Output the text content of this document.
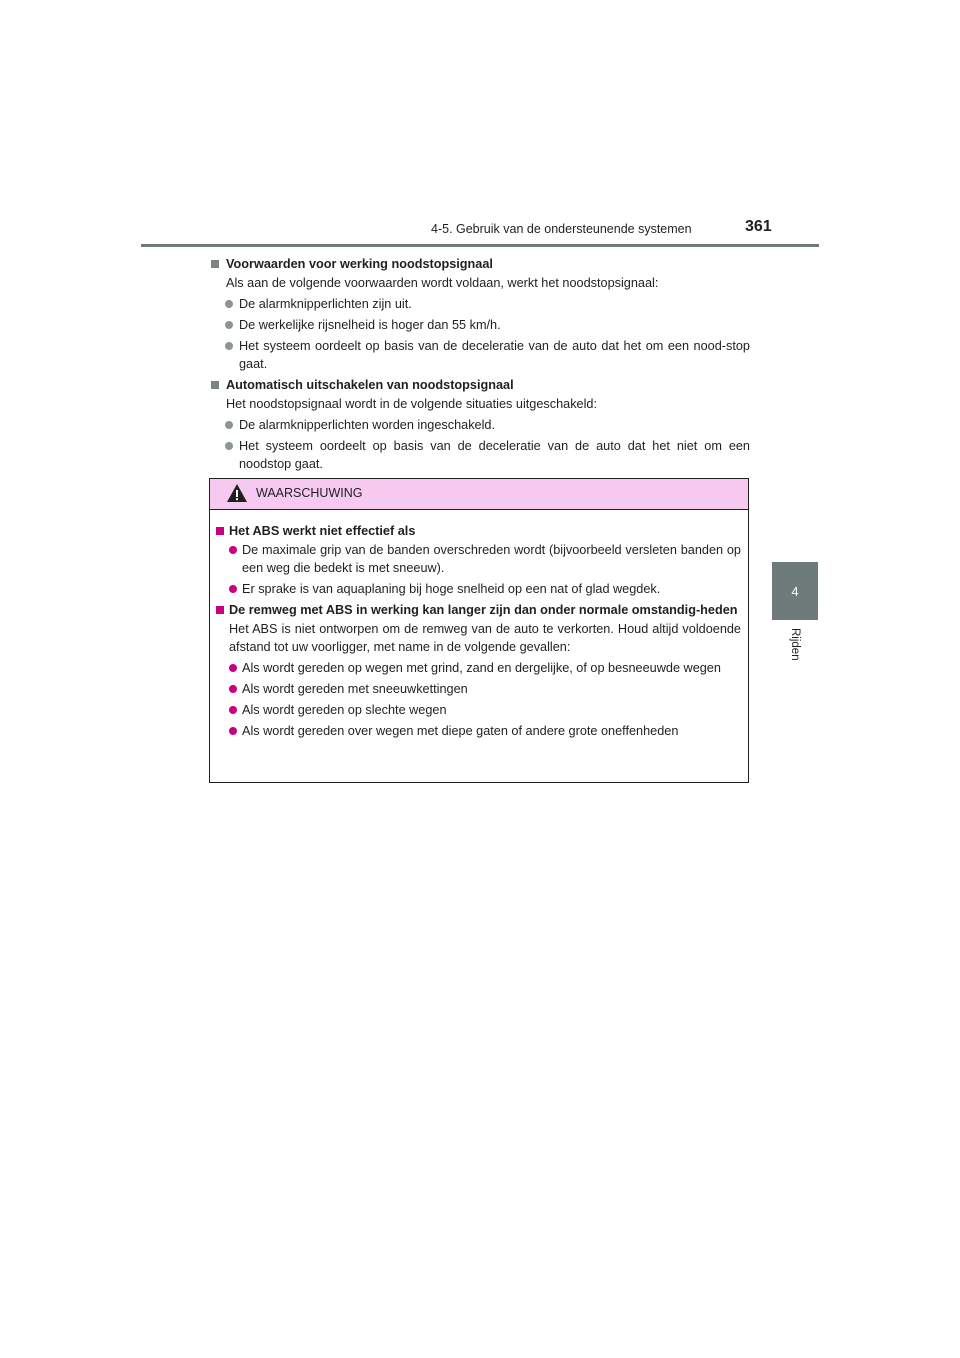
4-5. Gebruik van de ondersteunende systemen	361
4
Rijden
Voorwaarden voor werking noodstopsignaal
Als aan de volgende voorwaarden wordt voldaan, werkt het noodstopsignaal:
De alarmknipperlichten zijn uit.
De werkelijke rijsnelheid is hoger dan 55 km/h.
Het systeem oordeelt op basis van de deceleratie van de auto dat het om een nood-stop gaat.
Automatisch uitschakelen van noodstopsignaal
Het noodstopsignaal wordt in de volgende situaties uitgeschakeld:
De alarmknipperlichten worden ingeschakeld.
Het systeem oordeelt op basis van de deceleratie van de auto dat het niet om een noodstop gaat.
WAARSCHUWING
Het ABS werkt niet effectief als
De maximale grip van de banden overschreden wordt (bijvoorbeeld versleten banden op een weg die bedekt is met sneeuw).
Er sprake is van aquaplaning bij hoge snelheid op een nat of glad wegdek.
De remweg met ABS in werking kan langer zijn dan onder normale omstandig-heden
Het ABS is niet ontworpen om de remweg van de auto te verkorten. Houd altijd voldoende afstand tot uw voorligger, met name in de volgende gevallen:
Als wordt gereden op wegen met grind, zand en dergelijke, of op besneeuwde wegen
Als wordt gereden met sneeuwkettingen
Als wordt gereden op slechte wegen
Als wordt gereden over wegen met diepe gaten of andere grote oneffenheden
